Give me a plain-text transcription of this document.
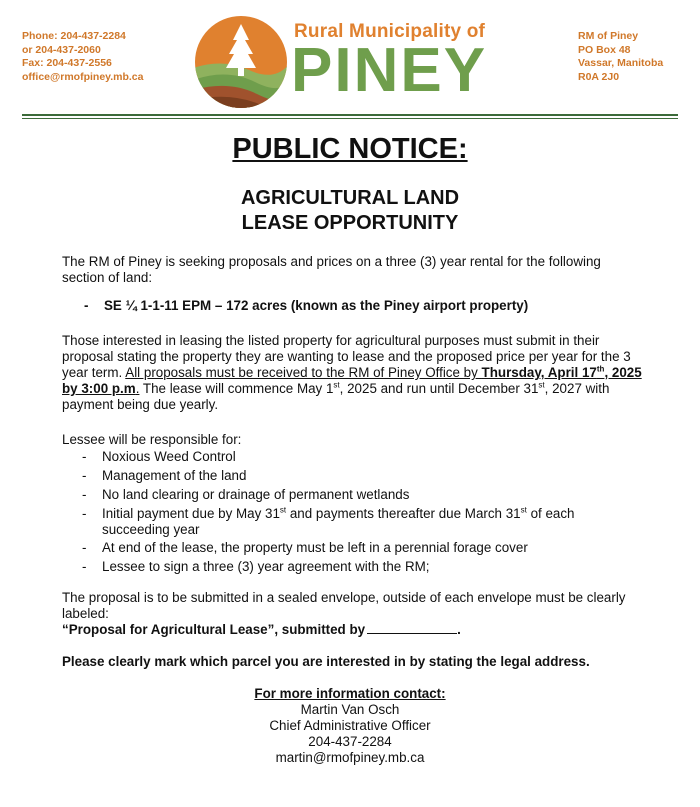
Phone: 204-437-2284
or 204-437-2060
Fax: 204-437-2556
office@rmofpiney.mb.ca
Rural Municipality of
PINEY	RM of Piney
PO Box 48
Vassar, Manitoba
R0A 2J0
PUBLIC NOTICE:
AGRICULTURAL LAND
LEASE OPPORTUNITY
The RM of Piney is seeking proposals and prices on a three (3) year rental for the following section of land:
- SE ¼ 1-1-11 EPM – 172 acres (known as the Piney airport property)
Those interested in leasing the listed property for agricultural purposes must submit in their proposal stating the property they are wanting to lease and the proposed price per year for the 3 year term. All proposals must be received to the RM of Piney Office by Thursday, April 17th, 2025 by 3:00 p.m. The lease will commence May 1st, 2025 and run until December 31st, 2027 with payment being due yearly.
Lessee will be responsible for:
- Noxious Weed Control
- Management of the land
- No land clearing or drainage of permanent wetlands
- Initial payment due by May 31st and payments thereafter due March 31st of each succeeding year
- At end of the lease, the property must be left in a perennial forage cover
- Lessee to sign a three (3) year agreement with the RM;
The proposal is to be submitted in a sealed envelope, outside of each envelope must be clearly labeled:
“Proposal for Agricultural Lease”, submitted by	.
Please clearly mark which parcel you are interested in by stating the legal address.
For more information contact:
Martin Van Osch
Chief Administrative Officer
204-437-2284
martin@rmofpiney.mb.ca
